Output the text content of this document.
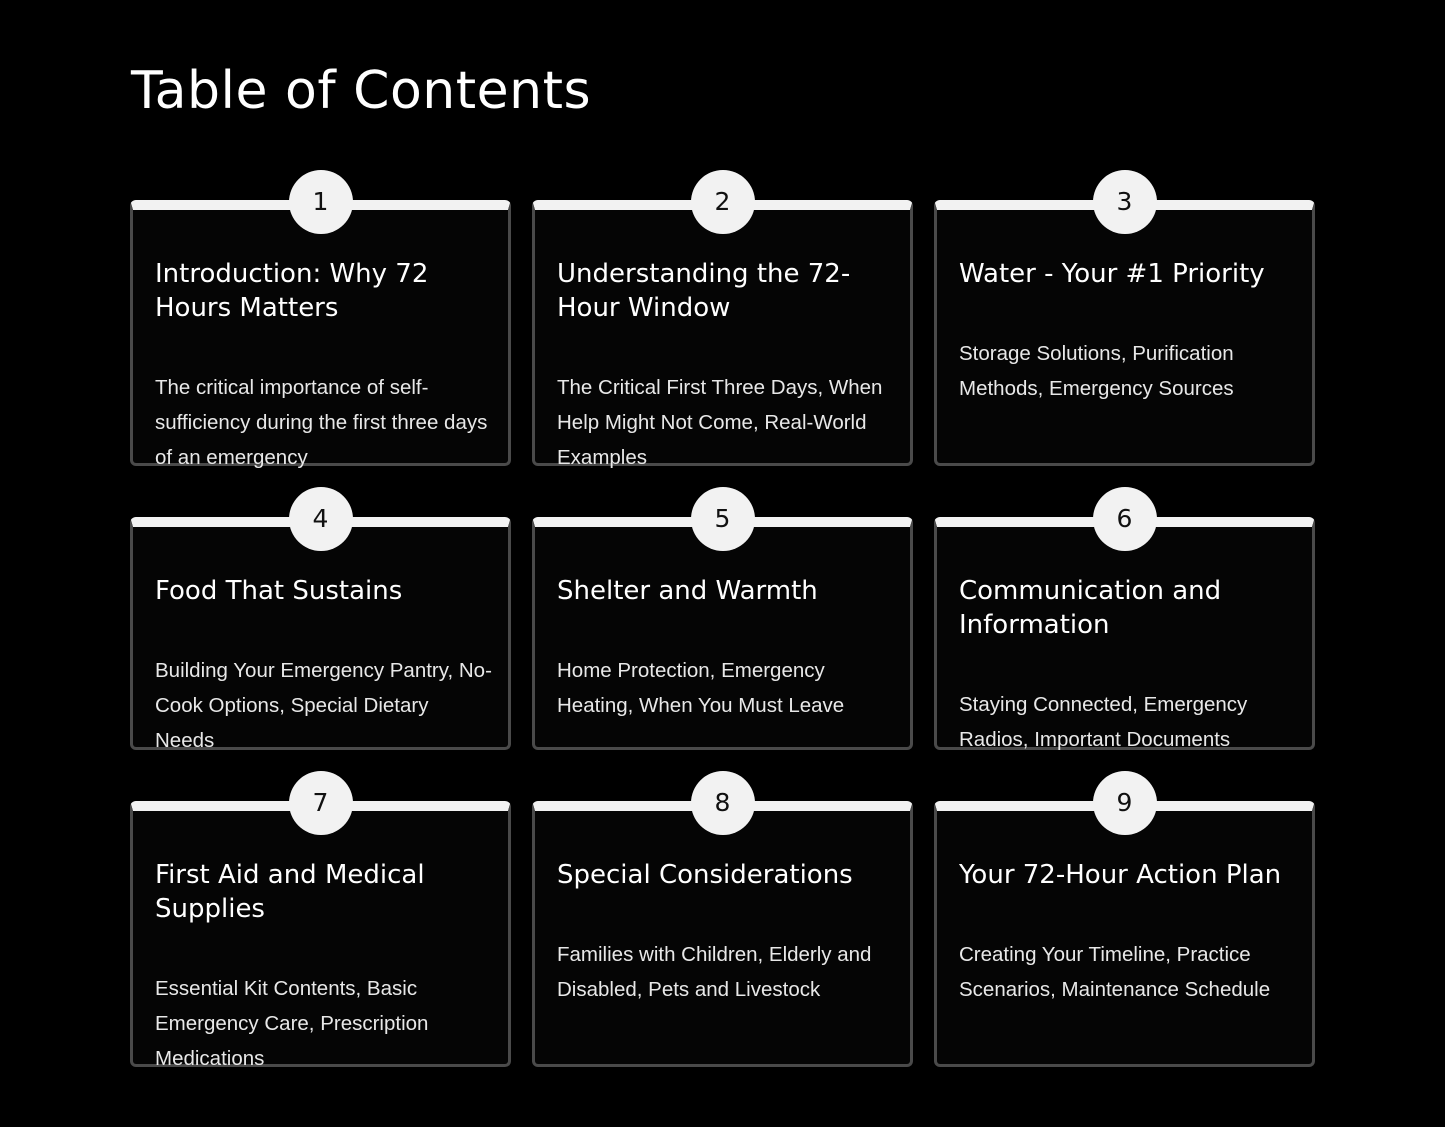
Table of Contents
1
Introduction: Why 72 Hours Matters

The critical importance of self-sufficiency during the first three days of an emergency

2
Understanding the 72-Hour Window

The Critical First Three Days, When Help Might Not Come, Real-World Examples

3
Water - Your #1 Priority

Storage Solutions, Purification Methods, Emergency Sources

4
Food That Sustains

Building Your Emergency Pantry, No-Cook Options, Special Dietary Needs

5
Shelter and Warmth

Home Protection, Emergency Heating, When You Must Leave

6
Communication and Information

Staying Connected, Emergency Radios, Important Documents

7
First Aid and Medical Supplies

Essential Kit Contents, Basic Emergency Care, Prescription Medications

8
Special Considerations

Families with Children, Elderly and Disabled, Pets and Livestock

9
Your 72-Hour Action Plan

Creating Your Timeline, Practice Scenarios, Maintenance Schedule
